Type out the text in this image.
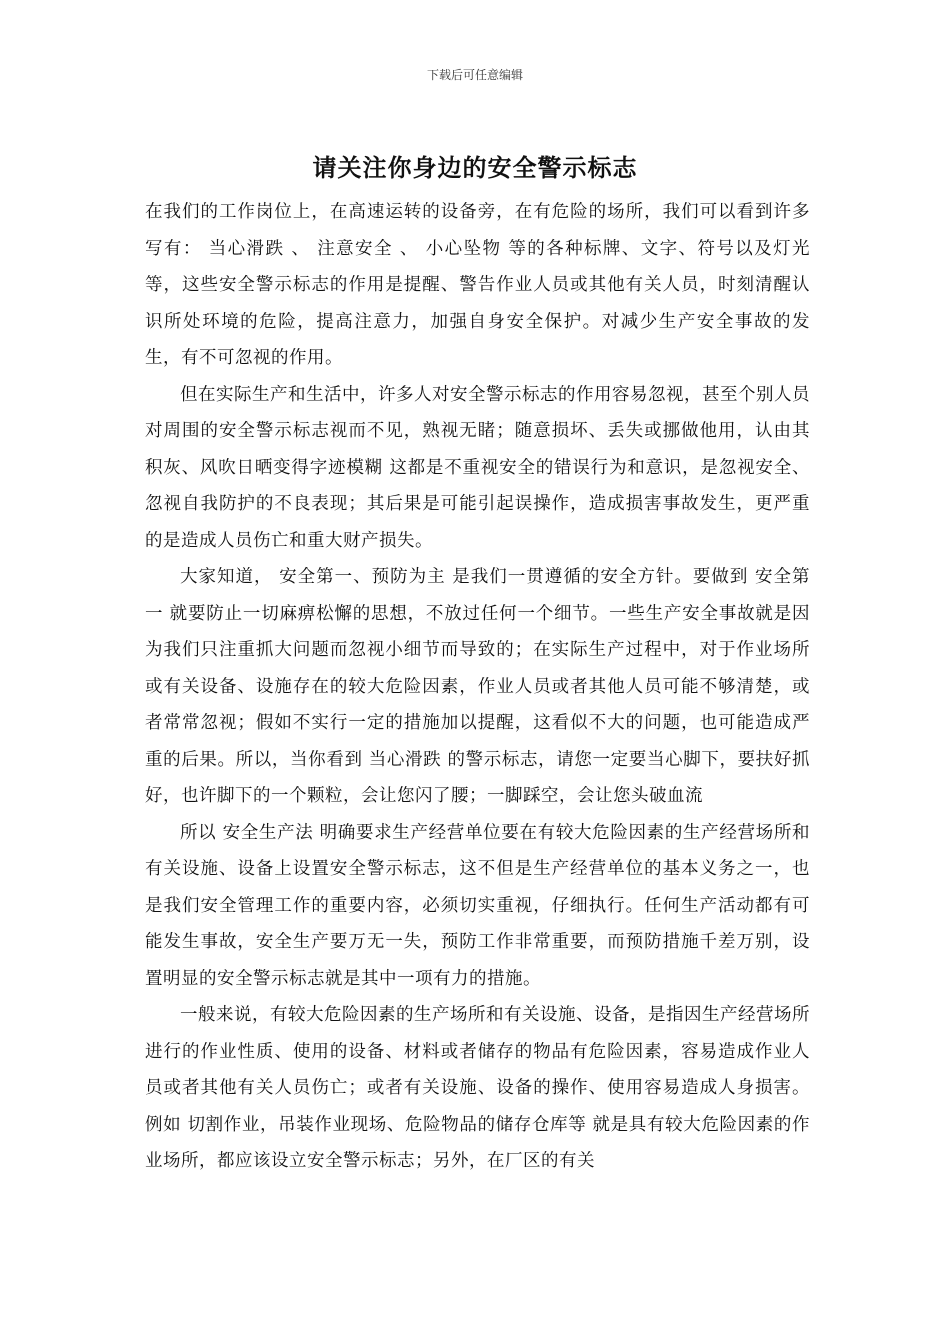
下载后可任意编辑
请关注你身边的安全警示标志

在我们的工作岗位上，在高速运转的设备旁，在有危险的场所，我们可以看到许多写有： 当心滑跌 、 注意安全 、 小心坠物 等的各种标牌、文字、符号以及灯光等，这些安全警示标志的作用是提醒、警告作业人员或其他有关人员，时刻清醒认识所处环境的危险，提高注意力，加强自身安全保护。对减少生产安全事故的发生，有不可忽视的作用。

但在实际生产和生活中，许多人对安全警示标志的作用容易忽视，甚至个别人员对周围的安全警示标志视而不见，熟视无睹；随意损坏、丢失或挪做他用，认由其积灰、风吹日晒变得字迹模糊 这都是不重视安全的错误行为和意识，是忽视安全、忽视自我防护的不良表现；其后果是可能引起误操作，造成损害事故发生，更严重的是造成人员伤亡和重大财产损失。

大家知道， 安全第一、预防为主 是我们一贯遵循的安全方针。要做到 安全第一 就要防止一切麻痹松懈的思想，不放过任何一个细节。一些生产安全事故就是因为我们只注重抓大问题而忽视小细节而导致的；在实际生产过程中，对于作业场所或有关设备、设施存在的较大危险因素，作业人员或者其他人员可能不够清楚，或者常常忽视；假如不实行一定的措施加以提醒，这看似不大的问题，也可能造成严重的后果。所以，当你看到 当心滑跌 的警示标志，请您一定要当心脚下，要扶好抓好，也许脚下的一个颗粒，会让您闪了腰；一脚踩空，会让您头破血流

所以 安全生产法 明确要求生产经营单位要在有较大危险因素的生产经营场所和有关设施、设备上设置安全警示标志，这不但是生产经营单位的基本义务之一，也是我们安全管理工作的重要内容，必须切实重视，仔细执行。任何生产活动都有可能发生事故，安全生产要万无一失，预防工作非常重要，而预防措施千差万别，设置明显的安全警示标志就是其中一项有力的措施。

一般来说，有较大危险因素的生产场所和有关设施、设备，是指因生产经营场所进行的作业性质、使用的设备、材料或者储存的物品有危险因素，容易造成作业人员或者其他有关人员伤亡；或者有关设施、设备的操作、使用容易造成人身损害。例如 切割作业，吊装作业现场、危险物品的储存仓库等 就是具有较大危险因素的作业场所，都应该设立安全警示标志；另外，在厂区的有关
